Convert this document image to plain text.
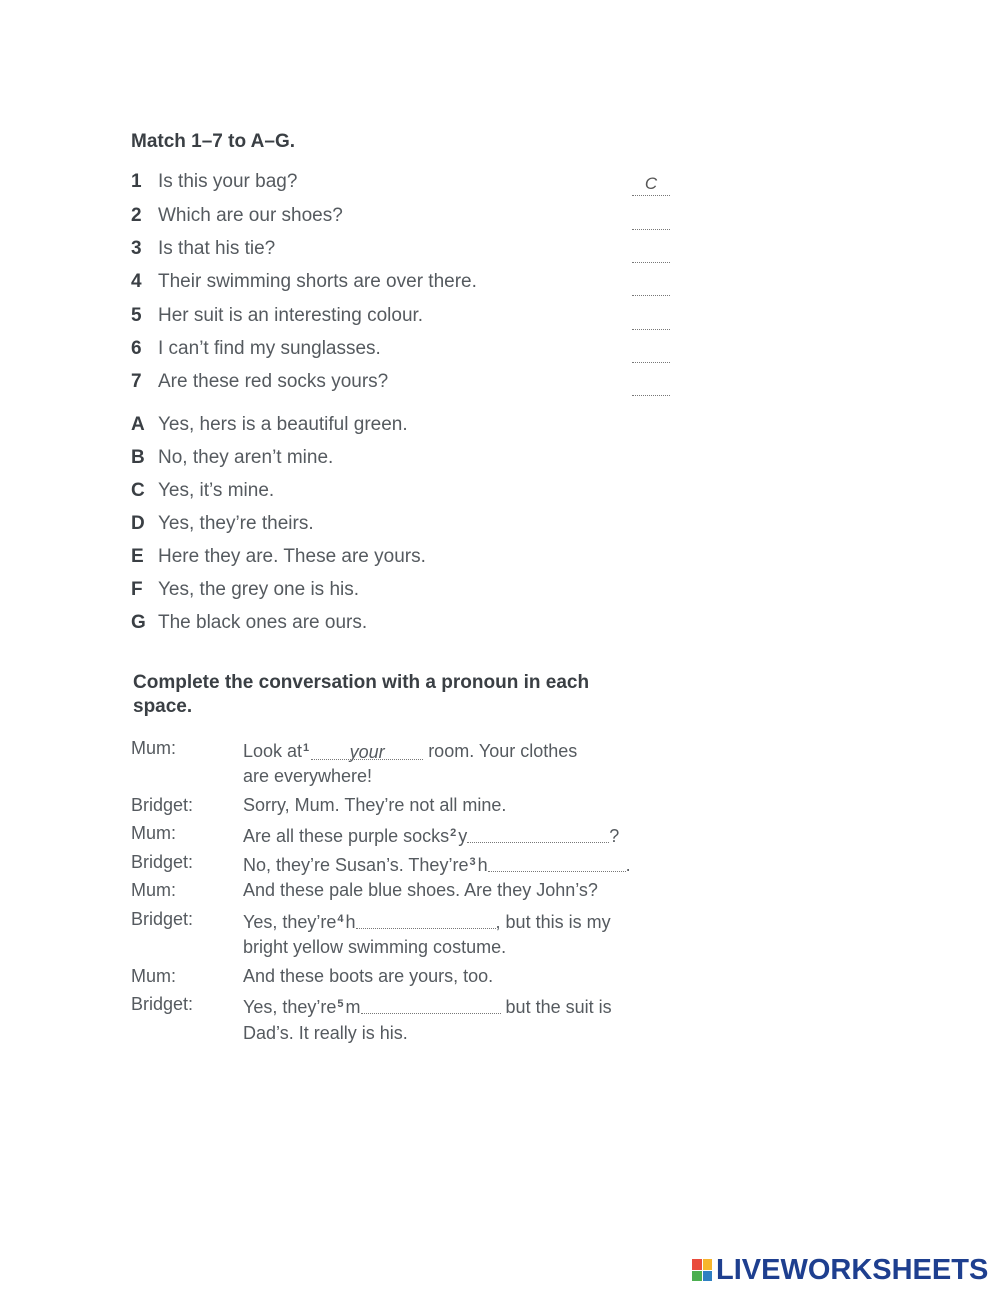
Match 1–7 to A–G.
1 Is this your bag?	C
2 Which are our shoes?
3 Is that his tie?
4 Their swimming shorts are over there.
5 Her suit is an interesting colour.
6 I can’t find my sunglasses.
7 Are these red socks yours?
A Yes, hers is a beautiful green.
B No, they aren’t mine.
C Yes, it’s mine.
D Yes, they’re theirs.
E Here they are. These are yours.
F Yes, the grey one is his.
G The black ones are ours.
Complete the conversation with a pronoun in each
space.
Mum:	Look $at^1$ your room. Your clothes
are everywhere!
Bridget:	Sorry, Mum. They’re not all mine.
Mum:	Are all these purple socks$^2$ y	?
Bridget:	No, they’re Susan’s. $They’re^3$ h	.
Mum:	And these pale blue shoes. Are they John’s?
Bridget:	Yes, $they’re^4$ h	, but this is my
bright yellow swimming costume.
Mum:	And these boots are yours, too.
Bridget:	Yes, $they’re^5$ m	but the suit is
Dad’s. It really is his.
LIVEWORKSHEETS
